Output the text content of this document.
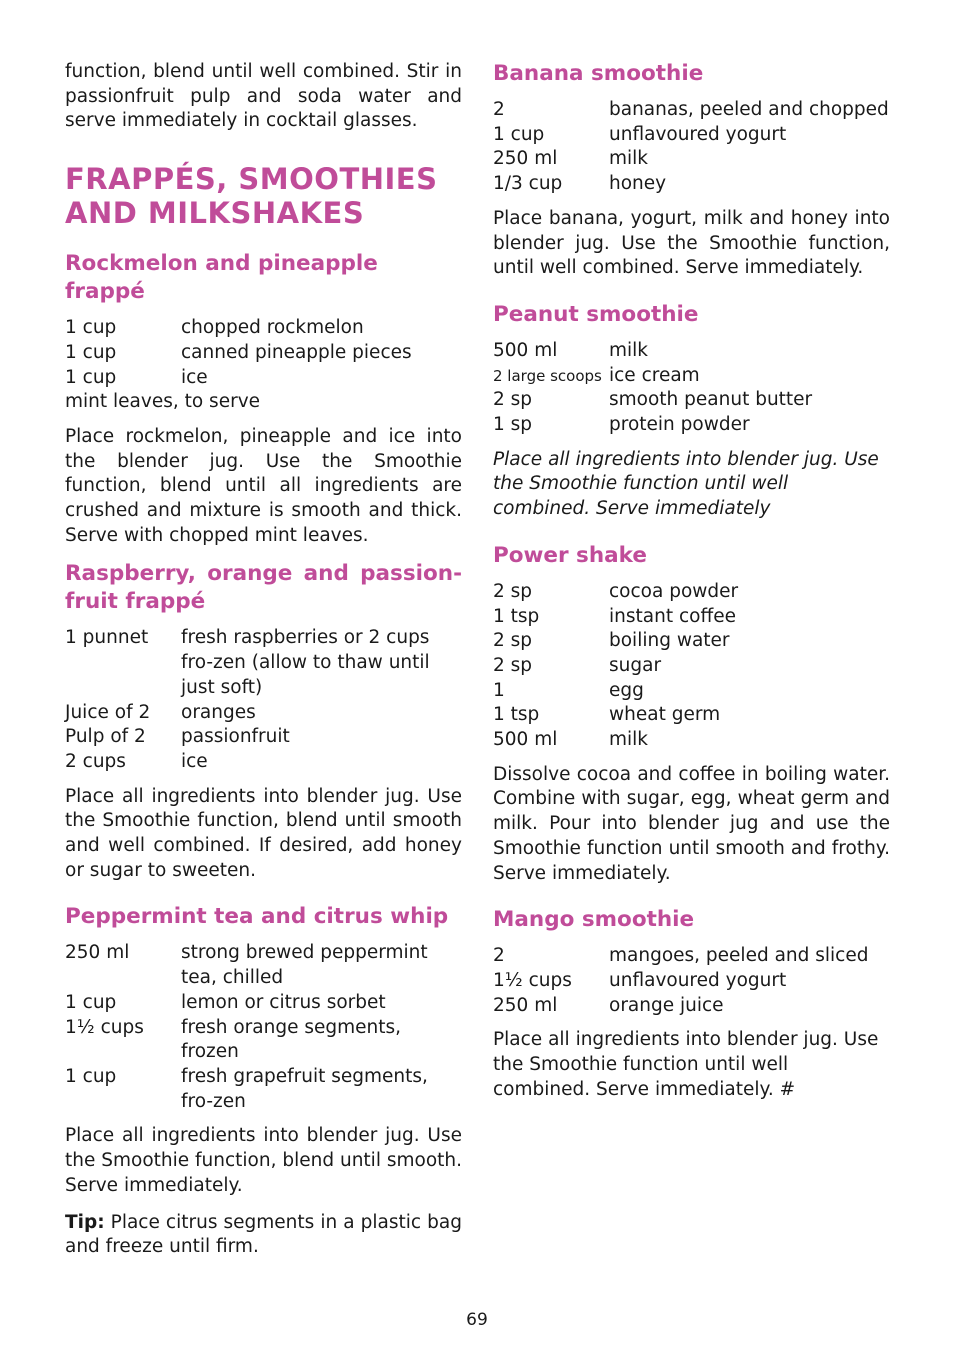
function, blend until well combined. Stir in passionfruit pulp and soda water and serve immediately in cocktail glasses.

FRAPPÉS, SMOOTHIES AND MILKSHAKES
Rockmelon and pineapple frappé
1 cup	chopped rockmelon
1 cup	canned pineapple pieces
1 cup	ice
mint leaves, to serve

Place rockmelon, pineapple and ice into the blender jug. Use the Smoothie function, blend until all ingredients are crushed and mixture is smooth and thick. Serve with chopped mint leaves.

Raspberry, orange and passion-fruit frappé
1 punnet	fresh raspberries or 2 cups fro-zen (allow to thaw until just soft)
Juice of 2	oranges
Pulp of 2	passionfruit
2 cups	ice

Place all ingredients into blender jug. Use the Smoothie function, blend until smooth and well combined. If desired, add honey or sugar to sweeten.

Peppermint tea and citrus whip
250 ml	strong brewed peppermint tea, chilled
1 cup	lemon or citrus sorbet
1½ cups	fresh orange segments, frozen
1 cup	fresh grapefruit segments, fro-zen

Place all ingredients into blender jug. Use the Smoothie function, blend until smooth. Serve immediately.

Tip: Place citrus segments in a plastic bag and freeze until firm.

Banana smoothie
2	bananas, peeled and chopped
1 cup	unflavoured yogurt
250 ml	milk
1/3 cup	honey

Place banana, yogurt, milk and honey into blender jug. Use the Smoothie function, until well combined. Serve immediately.

Peanut smoothie
500 ml	milk
2 large scoops ice cream
2 sp	smooth peanut butter
1 sp	protein powder

Place all ingredients into blender jug. Use the Smoothie function until well combined. Serve immediately

Power shake
2 sp	cocoa powder
1 tsp	instant coffee
2 sp	boiling water
2 sp	sugar
1	egg
1 tsp	wheat germ
500 ml	milk

Dissolve cocoa and coffee in boiling water. Combine with sugar, egg, wheat germ and milk. Pour into blender jug and use the Smoothie function until smooth and frothy. Serve immediately.

Mango smoothie
2	mangoes, peeled and sliced
1½ cups	unflavoured yogurt
250 ml	orange juice

Place all ingredients into blender jug. Use the Smoothie function until well combined. Serve immediately. #

69
